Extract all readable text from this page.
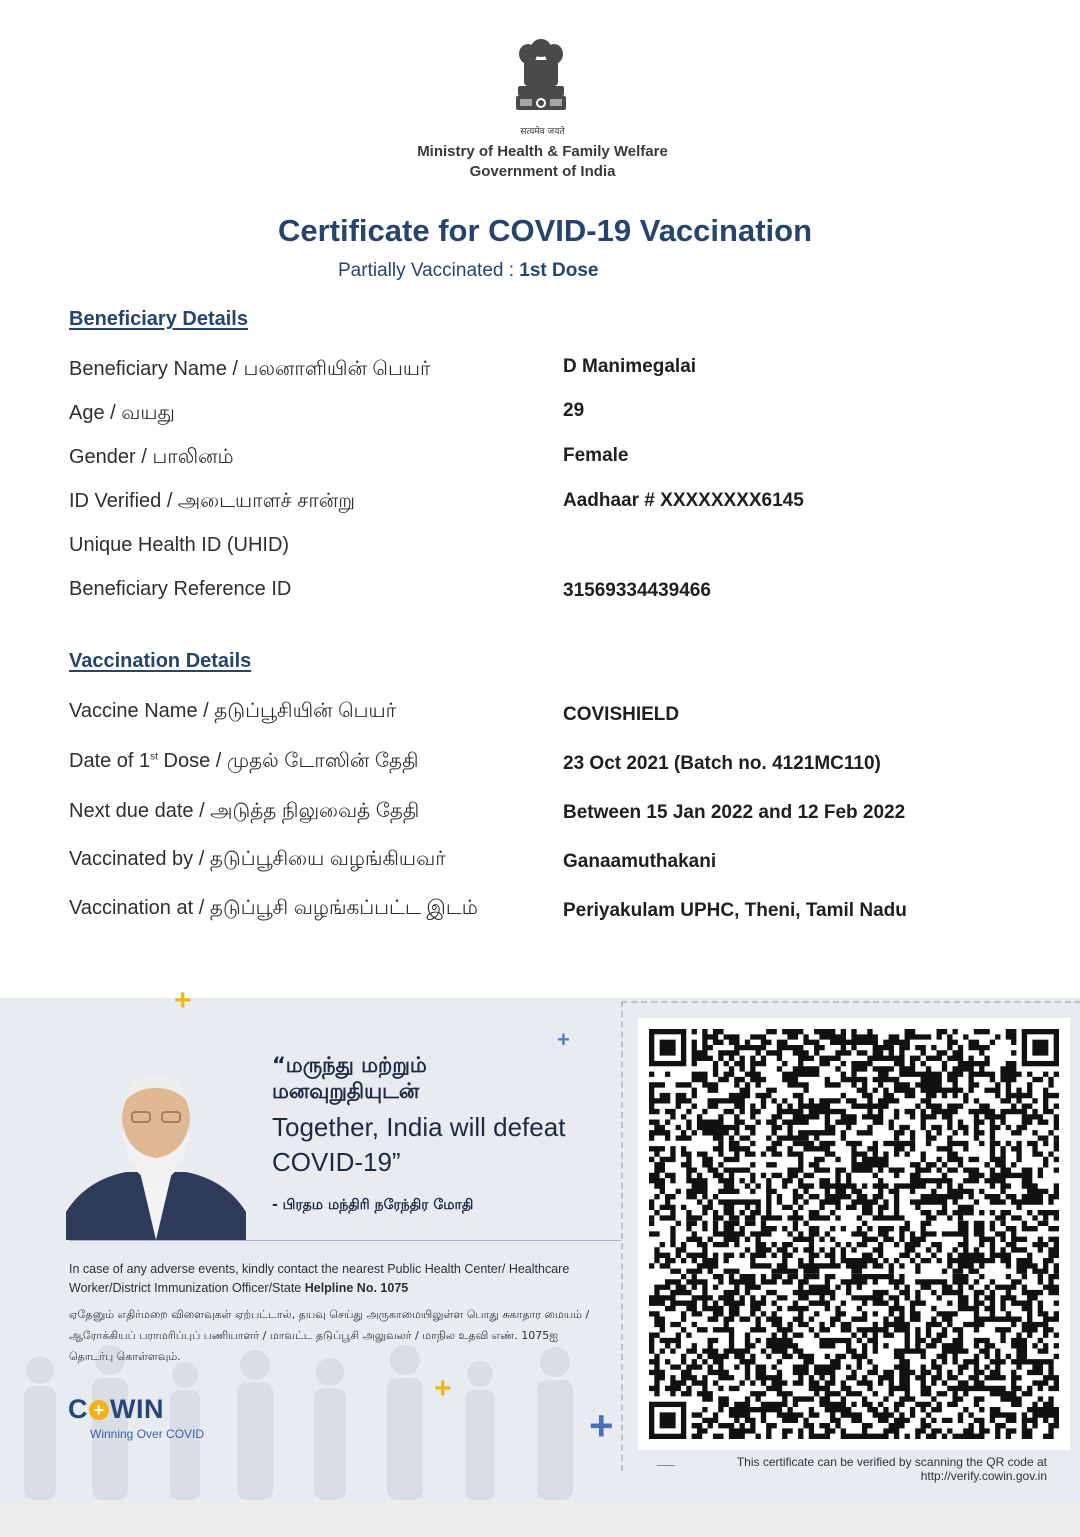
सत्यमेव जयते
Ministry of Health & Family Welfare
Government of India
Certificate for COVID-19 Vaccination
Partially Vaccinated : 1st Dose
Beneficiary Details
Beneficiary Name / பலனாளியின் பெயர்	D Manimegalai
Age / வயது	29
Gender / பாலினம்	Female
ID Verified / அடையாளச் சான்று	Aadhaar # XXXXXXXX6145
Unique Health ID (UHID)
Beneficiary Reference ID	31569334439466
Vaccination Details
Vaccine Name / தடுப்பூசியின் பெயர்	COVISHIELD
Date of 1st Dose / முதல் டோஸின் தேதி	23 Oct 2021 (Batch no. 4121MC110)
Next due date / அடுத்த நிலுவைத் தேதி	Between 15 Jan 2022 and 12 Feb 2022
Vaccinated by / தடுப்பூசியை வழங்கியவர்	Ganaamuthakani
Vaccination at / தடுப்பூசி வழங்கப்பட்ட இடம்	Periyakulam UPHC, Theni, Tamil Nadu
+
+
+
+
“மருந்து மற்றும்
மனவுறுதியுடன்
Together, India will defeat COVID-19”
- பிரதம மந்திரி நரேந்திர மோதி
In case of any adverse events, kindly contact the nearest Public Health Center/ Healthcare Worker/District Immunization Officer/State Helpline No. 1075
ஏதேனும் எதிர்மறை விளைவுகள் ஏற்பட்டால், தயவு செய்து அருகாமையிலுள்ள பொது சுகாதார மையம் / ஆரோக்கியப் பராமரிப்புப் பணியாளர் / மாவட்ட தடுப்பூசி அலுவலர் / மாநில உதவி எண். 1075ஐ தொடர்பு கொள்ளவும்.
C + WIN
Winning Over COVID
This certificate can be verified by scanning the QR code at
http://verify.cowin.gov.in
